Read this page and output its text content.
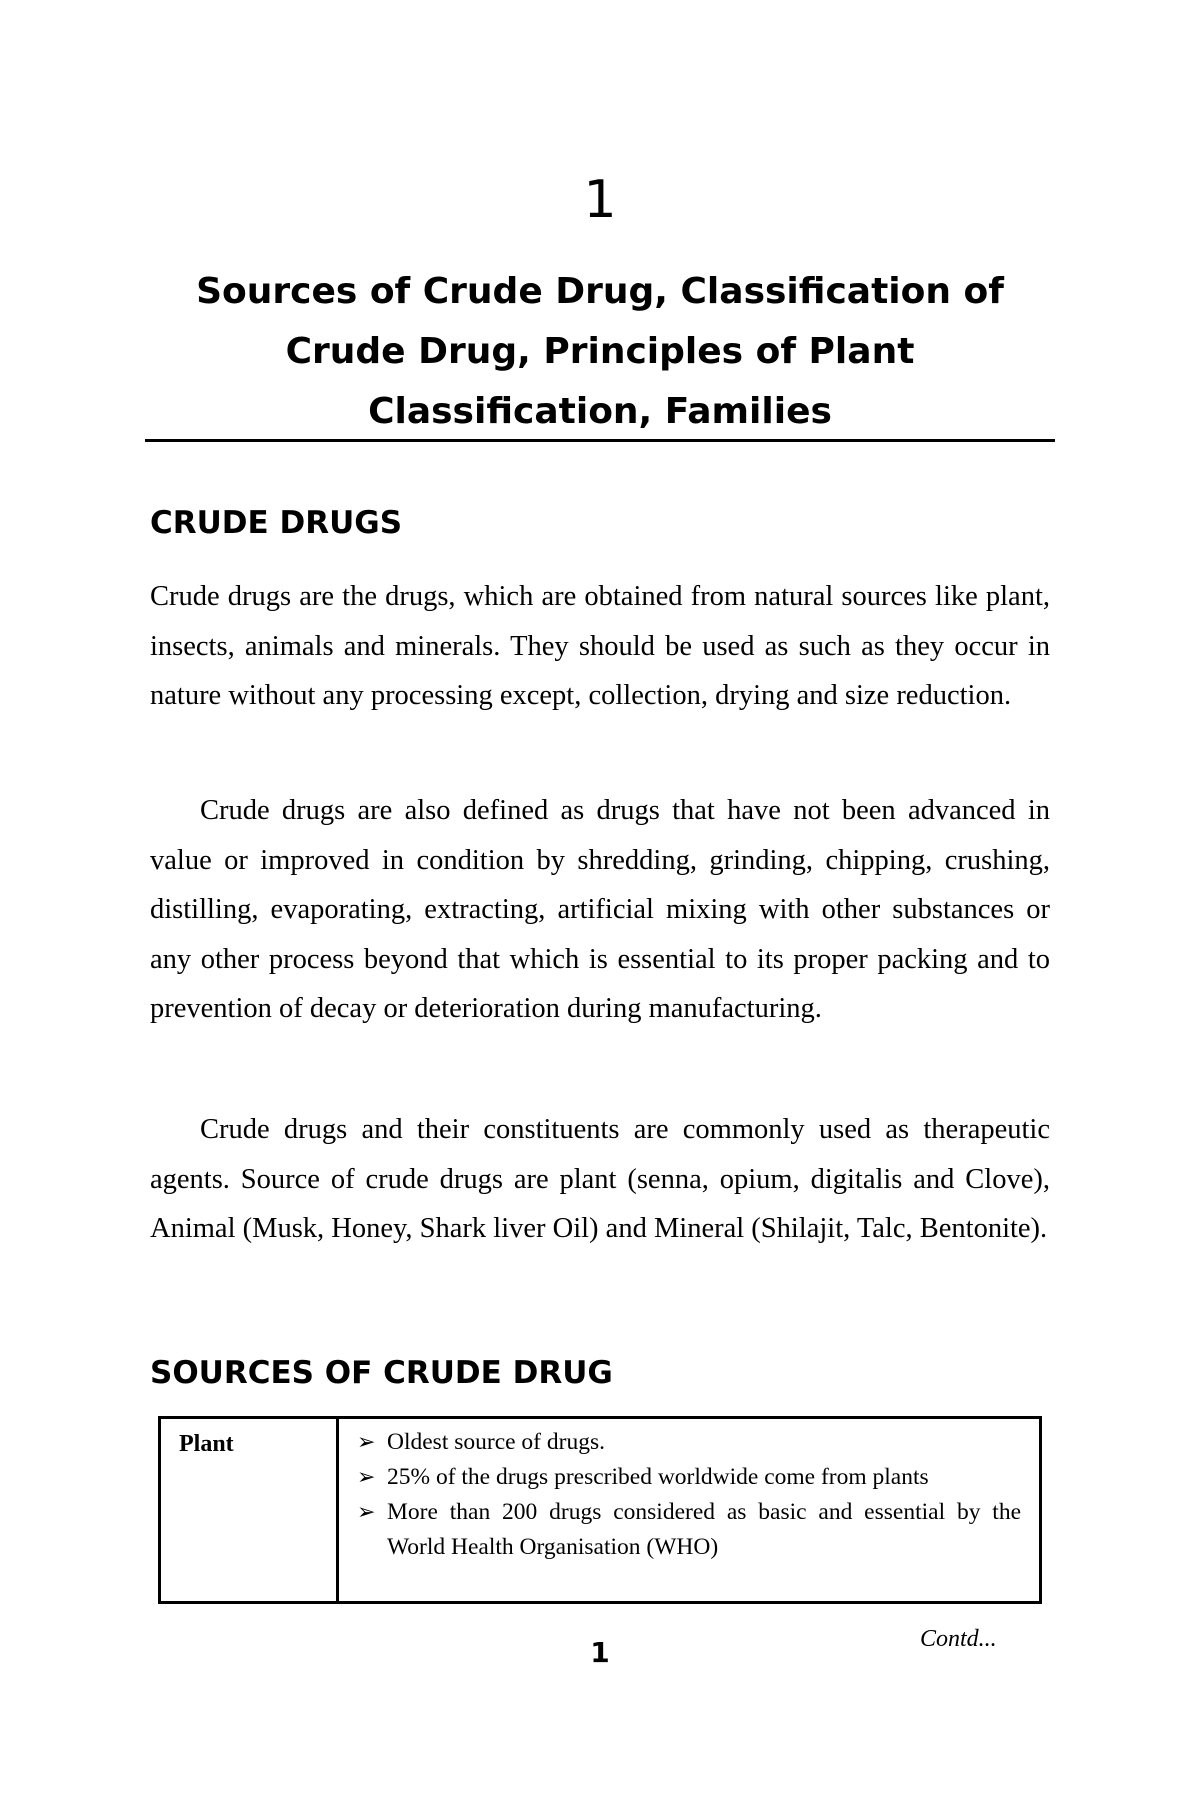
1
Sources of Crude Drug, Classification of
Crude Drug, Principles of Plant
Classification, Families
CRUDE DRUGS

Crude drugs are the drugs, which are obtained from natural sources like plant, insects, animals and minerals. They should be used as such as they occur in nature without any processing except, collection, drying and size reduction.

Crude drugs are also defined as drugs that have not been advanced in value or improved in condition by shredding, grinding, chipping, crushing, distilling, evaporating, extracting, artificial mixing with other substances or any other process beyond that which is essential to its proper packing and to prevention of decay or deterioration during manufacturing.

Crude drugs and their constituents are commonly used as therapeutic agents. Source of crude drugs are plant (senna, opium, digitalis and Clove), Animal (Musk, Honey, Shark liver Oil) and Mineral (Shilajit, Talc, Bentonite).

SOURCES OF CRUDE DRUG
Plant	➢ Oldest source of drugs.
➢ 25% of the drugs prescribed worldwide come from plants
➢ More than 200 drugs considered as basic and essential by the World Health Organisation (WHO)
Contd...
1
